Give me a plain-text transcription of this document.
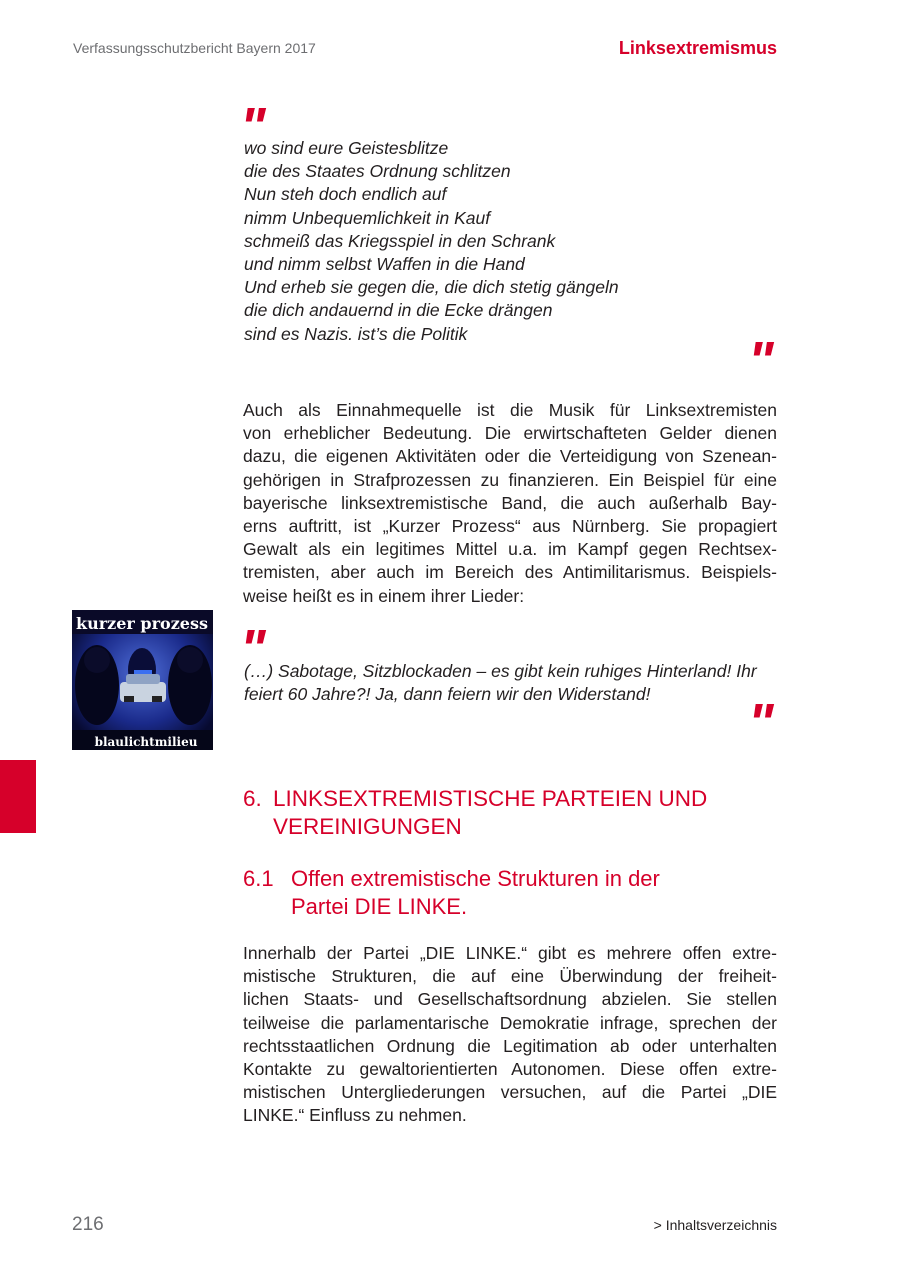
Verfassungsschutzbericht Bayern 2017	Linksextremismus
"
wo sind eure Geistesblitze
die des Staates Ordnung schlitzen
Nun steh doch endlich auf
nimm Unbequemlichkeit in Kauf
schmeiß das Kriegsspiel in den Schrank
und nimm selbst Waffen in die Hand
Und erheb sie gegen die, die dich stetig gängeln
die dich andauernd in die Ecke drängen
sind es Nazis. ist’s die Politik	"
Auch als Einnahmequelle ist die Musik für Linksextremisten
von erheblicher Bedeutung. Die erwirtschafteten Gelder dienen
dazu, die eigenen Aktivitäten oder die Verteidigung von Szenean-
gehörigen in Strafprozessen zu finanzieren. Ein Beispiel für eine
bayerische linksextremistische Band, die auch außerhalb Bay-
erns auftritt, ist „Kurzer Prozess“ aus Nürnberg. Sie propagiert
Gewalt als ein legitimes Mittel u.a. im Kampf gegen Rechtsex-
tremisten, aber auch im Bereich des Antimilitarismus. Beispiels-
weise heißt es in einem ihrer Lieder:
kurzer prozess
blaulichtmilieu
"
(…) Sabotage, Sitzblockaden – es gibt kein ruhiges Hinterland! Ihr
feiert 60 Jahre?! Ja, dann feiern wir den Widerstand!	"
6. LINKSEXTREMISTISCHE PARTEIEN UND
VEREINIGUNGEN
6.1 Offen extremistische Strukturen in der
Partei DIE LINKE.
Innerhalb der Partei „DIE LINKE.“ gibt es mehrere offen extre-
mistische Strukturen, die auf eine Überwindung der freiheit-
lichen Staats- und Gesellschaftsordnung abzielen. Sie stellen
teilweise die parlamentarische Demokratie infrage, sprechen der
rechtsstaatlichen Ordnung die Legitimation ab oder unterhalten
Kontakte zu gewaltorientierten Autonomen. Diese offen extre-
mistischen Untergliederungen versuchen, auf die Partei „DIE
LINKE.“ Einfluss zu nehmen.
216	> Inhaltsverzeichnis
